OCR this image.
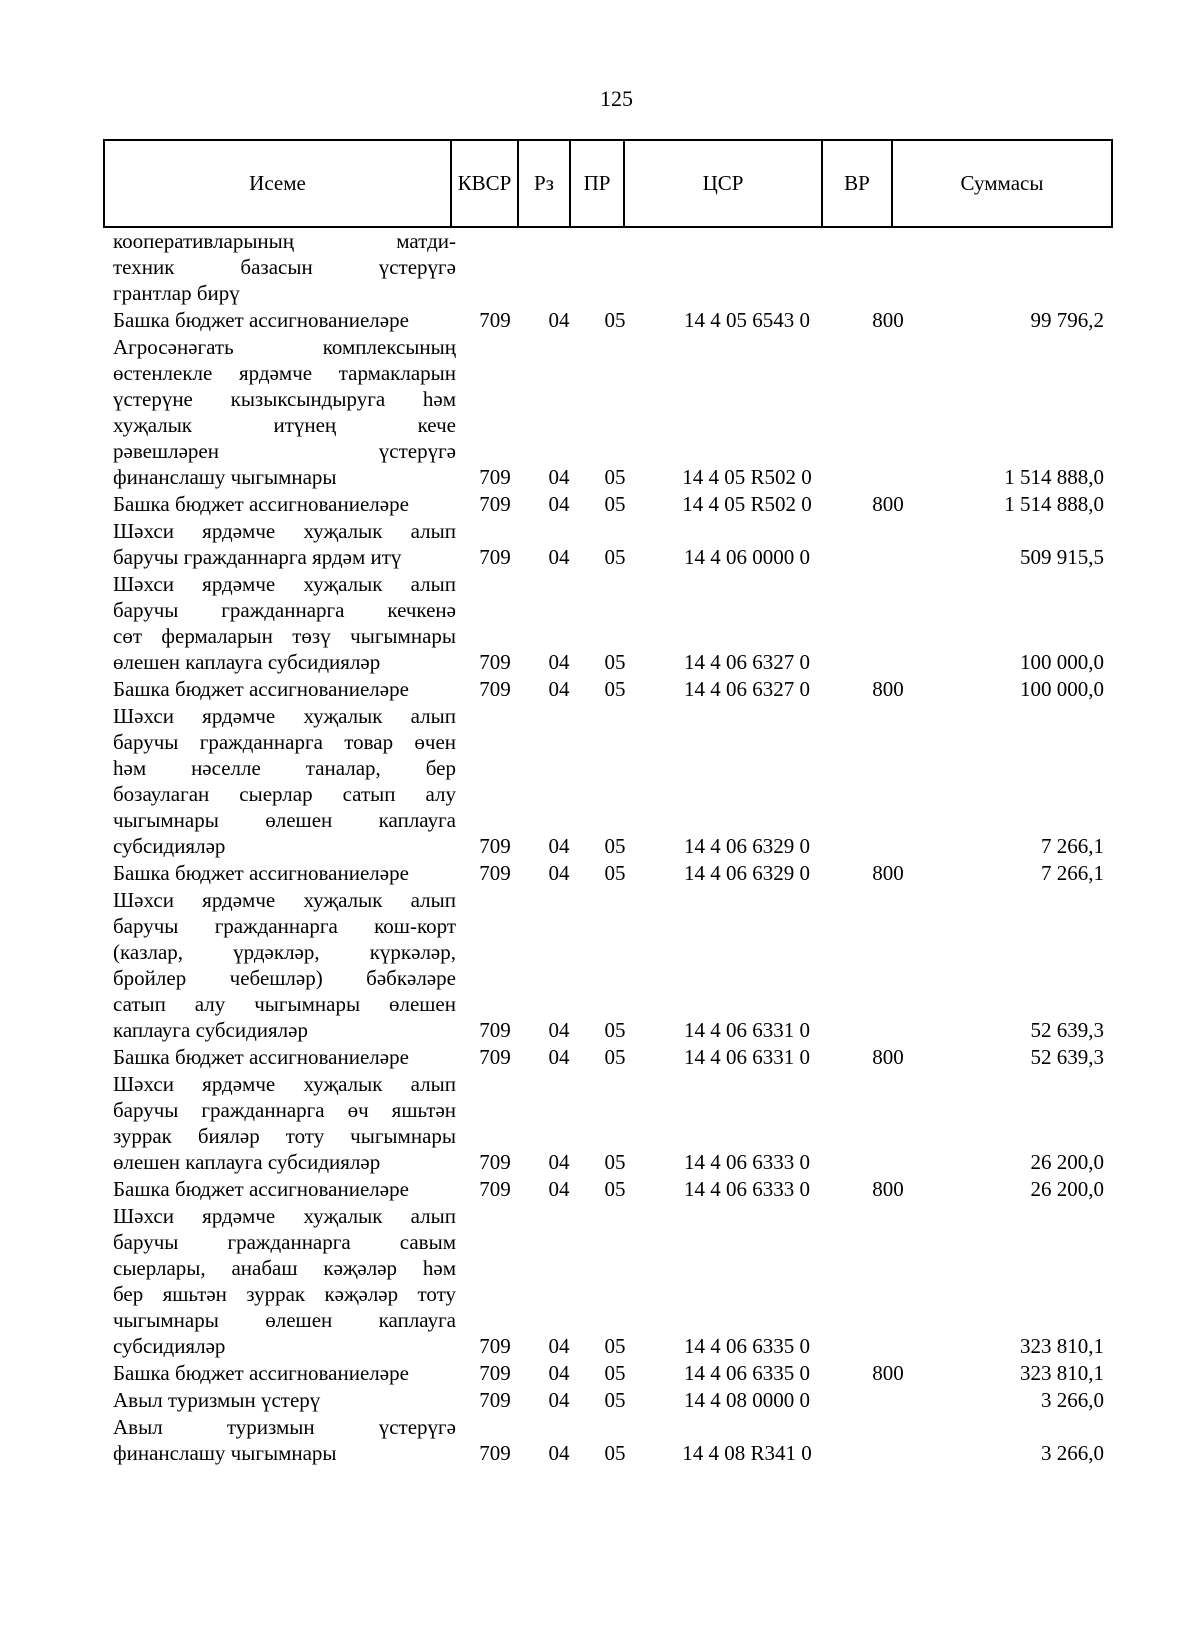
125
Исеме	КВСР	Рз	ПР	ЦСР	ВР	Суммасы
кооперативларының матди-
техник базасын үстерүгә
грантлар бирү
Башка бюджет ассигнованиеләре	709	04	05	14 4 05 6543 0	800	99 796,2
Агросәнәгать комплексының
өстенлекле ярдәмче тармакларын
үстерүне кызыксындыруга һәм
хуҗалык итүнең кече
рәвешләрен үстерүгә
финанслашу чыгымнары	709	04	05	14 4 05 R502 0	1 514 888,0
Башка бюджет ассигнованиеләре	709	04	05	14 4 05 R502 0	800	1 514 888,0
Шәхси ярдәмче хуҗалык алып
баручы гражданнарга ярдәм итү	709	04	05	14 4 06 0000 0	509 915,5
Шәхси ярдәмче хуҗалык алып
баручы гражданнарга кечкенә
сөт фермаларын төзү чыгымнары
өлешен каплауга субсидияләр	709	04	05	14 4 06 6327 0	100 000,0
Башка бюджет ассигнованиеләре	709	04	05	14 4 06 6327 0	800	100 000,0
Шәхси ярдәмче хуҗалык алып
баручы гражданнарга товар өчен
һәм нәселле таналар, бер
бозаулаган сыерлар сатып алу
чыгымнары өлешен каплауга
субсидияләр	709	04	05	14 4 06 6329 0	7 266,1
Башка бюджет ассигнованиеләре	709	04	05	14 4 06 6329 0	800	7 266,1
Шәхси ярдәмче хуҗалык алып
баручы гражданнарга кош-корт
(казлар, үрдәкләр, күркәләр,
бройлер чебешләр) бәбкәләре
сатып алу чыгымнары өлешен
каплауга субсидияләр	709	04	05	14 4 06 6331 0	52 639,3
Башка бюджет ассигнованиеләре	709	04	05	14 4 06 6331 0	800	52 639,3
Шәхси ярдәмче хуҗалык алып
баручы гражданнарга өч яшьтән
зуррак бияләр тоту чыгымнары
өлешен каплауга субсидияләр	709	04	05	14 4 06 6333 0	26 200,0
Башка бюджет ассигнованиеләре	709	04	05	14 4 06 6333 0	800	26 200,0
Шәхси ярдәмче хуҗалык алып
баручы гражданнарга савым
сыерлары, анабаш кәҗәләр һәм
бер яшьтән зуррак кәҗәләр тоту
чыгымнары өлешен каплауга
субсидияләр	709	04	05	14 4 06 6335 0	323 810,1
Башка бюджет ассигнованиеләре	709	04	05	14 4 06 6335 0	800	323 810,1
Авыл туризмын үстерү	709	04	05	14 4 08 0000 0	3 266,0
Авыл туризмын үстерүгә
финанслашу чыгымнары	709	04	05	14 4 08 R341 0	3 266,0
